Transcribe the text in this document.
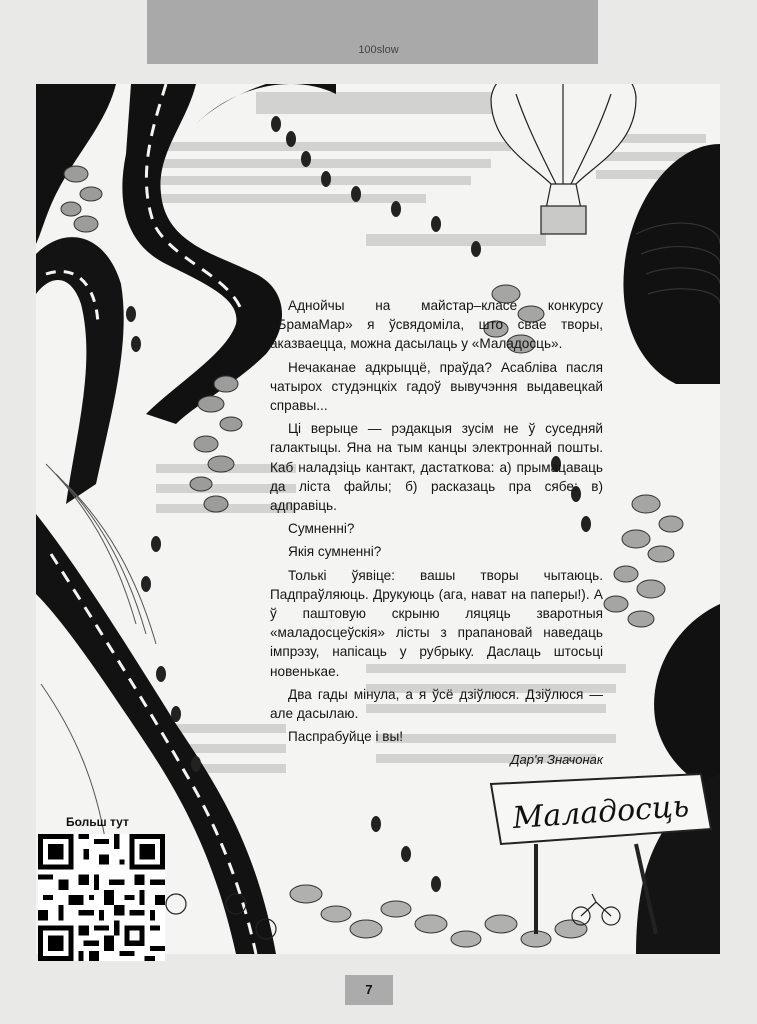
100slow
Маладосць

Аднойчы на майстар–класе конкурсу «БрамаМар» я ўсвядоміла, што свае творы, аказваецца, можна дасылаць у «Маладосць».

Нечаканае адкрыццё, праўда? Асабліва пасля чатырох студэнцкіх гадоў вывучэння выдавецкай справы...

Ці верыце — рэдакцыя зусім не ў суседняй галактыцы. Яна на тым канцы электроннай пошты. Каб наладзіць кантакт, дастаткова: а) прымацаваць да ліста файлы; б) расказаць пра сябе; в) адправіць.

Сумненні?

Якія сумненні?

Толькі ўявіце: вашы творы чытаюць. Падпраўляюць. Друкуюць (ага, нават на паперы!). А ў паштовую скрыню ляцяць зваротныя «маладосцеўскія» лісты з прапановай наведаць імпрэзу, напісаць у рубрыку. Даслаць штосьці новенькае.

Два гады мінула, а я ўсё дзіўлюся. Дзіўлюся — але дасылаю.

Паспрабуйце і вы!

Дар'я Значонак
Больш тут
7
